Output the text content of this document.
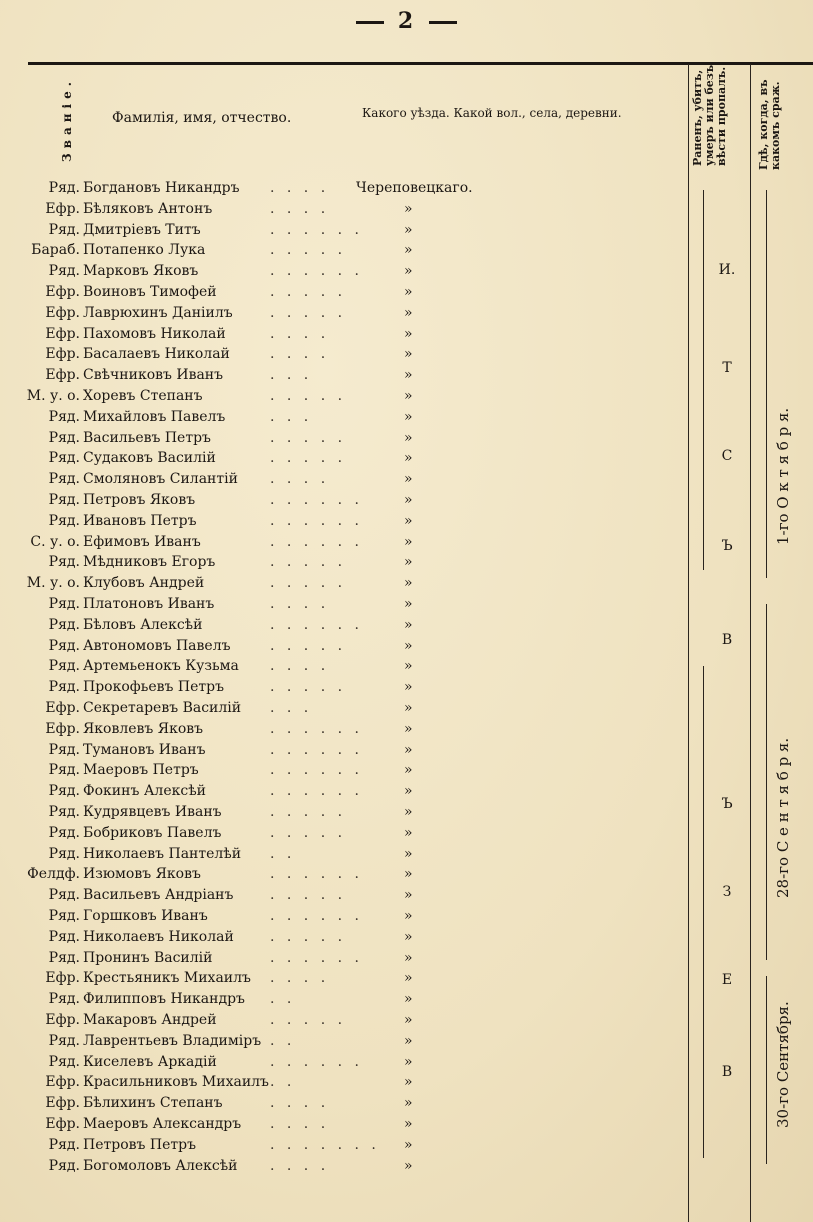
2
Званіе.	Фамилія, имя, отчество.	Какого уѣзда. Какой вол., села, деревни.	Раненъ, убитъ, умеръ или безъ вѣсти пропалъ.	Гдѣ, когда, въ какомъ сраж.
Ряд. Богдановъ Никандръ . . . .	Череповецкаго.
Ефр. Бѣляковъ Антонъ	. . . .	»
Ряд. Дмитріевъ Титъ	. . . . . .	»
Бараб. Потапенко Лука	. . . . .	»
Ряд. Марковъ Яковъ	. . . . . .	»
Ефр. Воиновъ Тимофей	. . . . .	»
Ефр. Лаврюхинъ Даніилъ	. . . . .	»
Ефр. Пахомовъ Николай	. . . .	»
Ефр. Басалаевъ Николай	. . . .	»
Ефр. Свѣчниковъ Иванъ	. . .	»
М. у. о. Хоревъ Степанъ	. . . . .	»
Ряд. Михайловъ Павелъ	. . .	»
Ряд. Васильевъ Петръ	. . . . .	»
Ряд. Судаковъ Василій	. . . . .	»
Ряд. Смоляновъ Силантій . . . .	»
Ряд. Петровъ Яковъ	. . . . . .	»
Ряд. Ивановъ Петръ	. . . . . .	»
С. у. о. Ефимовъ Иванъ	. . . . . .	»
Ряд. Мѣдниковъ Егоръ	. . . . .	»
М. у. о. Клубовъ Андрей	. . . . .	»
Ряд. Платоновъ Иванъ	. . . .	»
Ряд. Бѣловъ Алексѣй	. . . . . .	»
Ряд. Автономовъ Павелъ	. . . . .	»
Ряд. Артемьенокъ Кузьма . . . .	»
Ряд. Прокофьевъ Петръ	. . . . .	»
Ефр. Секретаревъ Василій . . .	»
Ефр. Яковлевъ Яковъ	. . . . . .	»
Ряд. Тумановъ Иванъ	. . . . . .	»
Ряд. Маеровъ Петръ	. . . . . .	»
Ряд. Фокинъ Алексѣй	. . . . . .	»
Ряд. Кудрявцевъ Иванъ	. . . . .	»
Ряд. Бобриковъ Павелъ	. . . . .	»
Ряд. Николаевъ Пантелѣй . .	»
Фелдф. Изюмовъ Яковъ	. . . . . .	»
Ряд. Васильевъ Андріанъ	. . . . .	»
Ряд. Горшковъ Иванъ	. . . . . .	»
Ряд. Николаевъ Николай	. . . . .	»
Ряд. Пронинъ Василій	. . . . . .	»
Ефр. Крестьяникъ Михаилъ . . . .	»
Ряд. Филипповъ Никандръ . .	»
Ефр. Макаровъ Андрей	. . . . .	»
Ряд. Лаврентьевъ Владиміръ . .	»
Ряд. Киселевъ Аркадій	. . . . . .	»
Ефр. Красильниковъ Михаилъ . .	»
Ефр. Бѣлихинъ Степанъ	. . . .	»
Ефр. Маеровъ Александръ . . . .	»
Ряд. Петровъ Петръ	. . . . . . . »
Ряд. Богомоловъ Алексѣй . . . .	»
И.
Т
С
Ъ
В
Ъ
З
Е
В
1-го О к т я б р я.
28-го С е н т я б р я.
30-го Сентября.
